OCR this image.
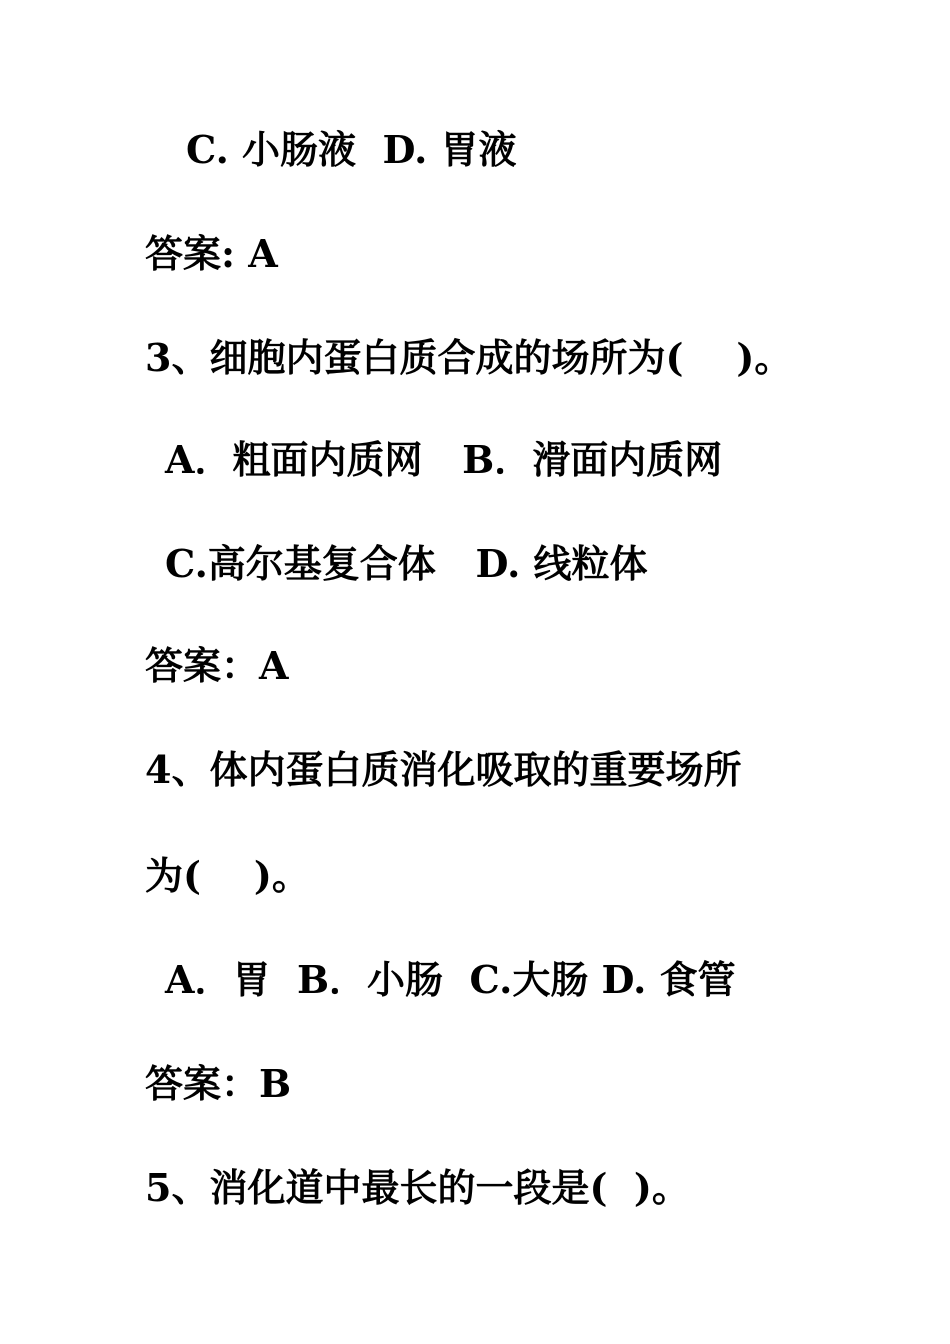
C. 小肠液  D. 胃液
答案: A
3、细胞内蛋白质合成的场所为(    )。
A．粗面内质网   B．滑面内质网
C.高尔基复合体   D. 线粒体
答案：A
4、体内蛋白质消化吸取的重要场所
为(    )。
A．胃  B．小肠  C.大肠 D. 食管
答案：B
5、消化道中最长的一段是(  )。
